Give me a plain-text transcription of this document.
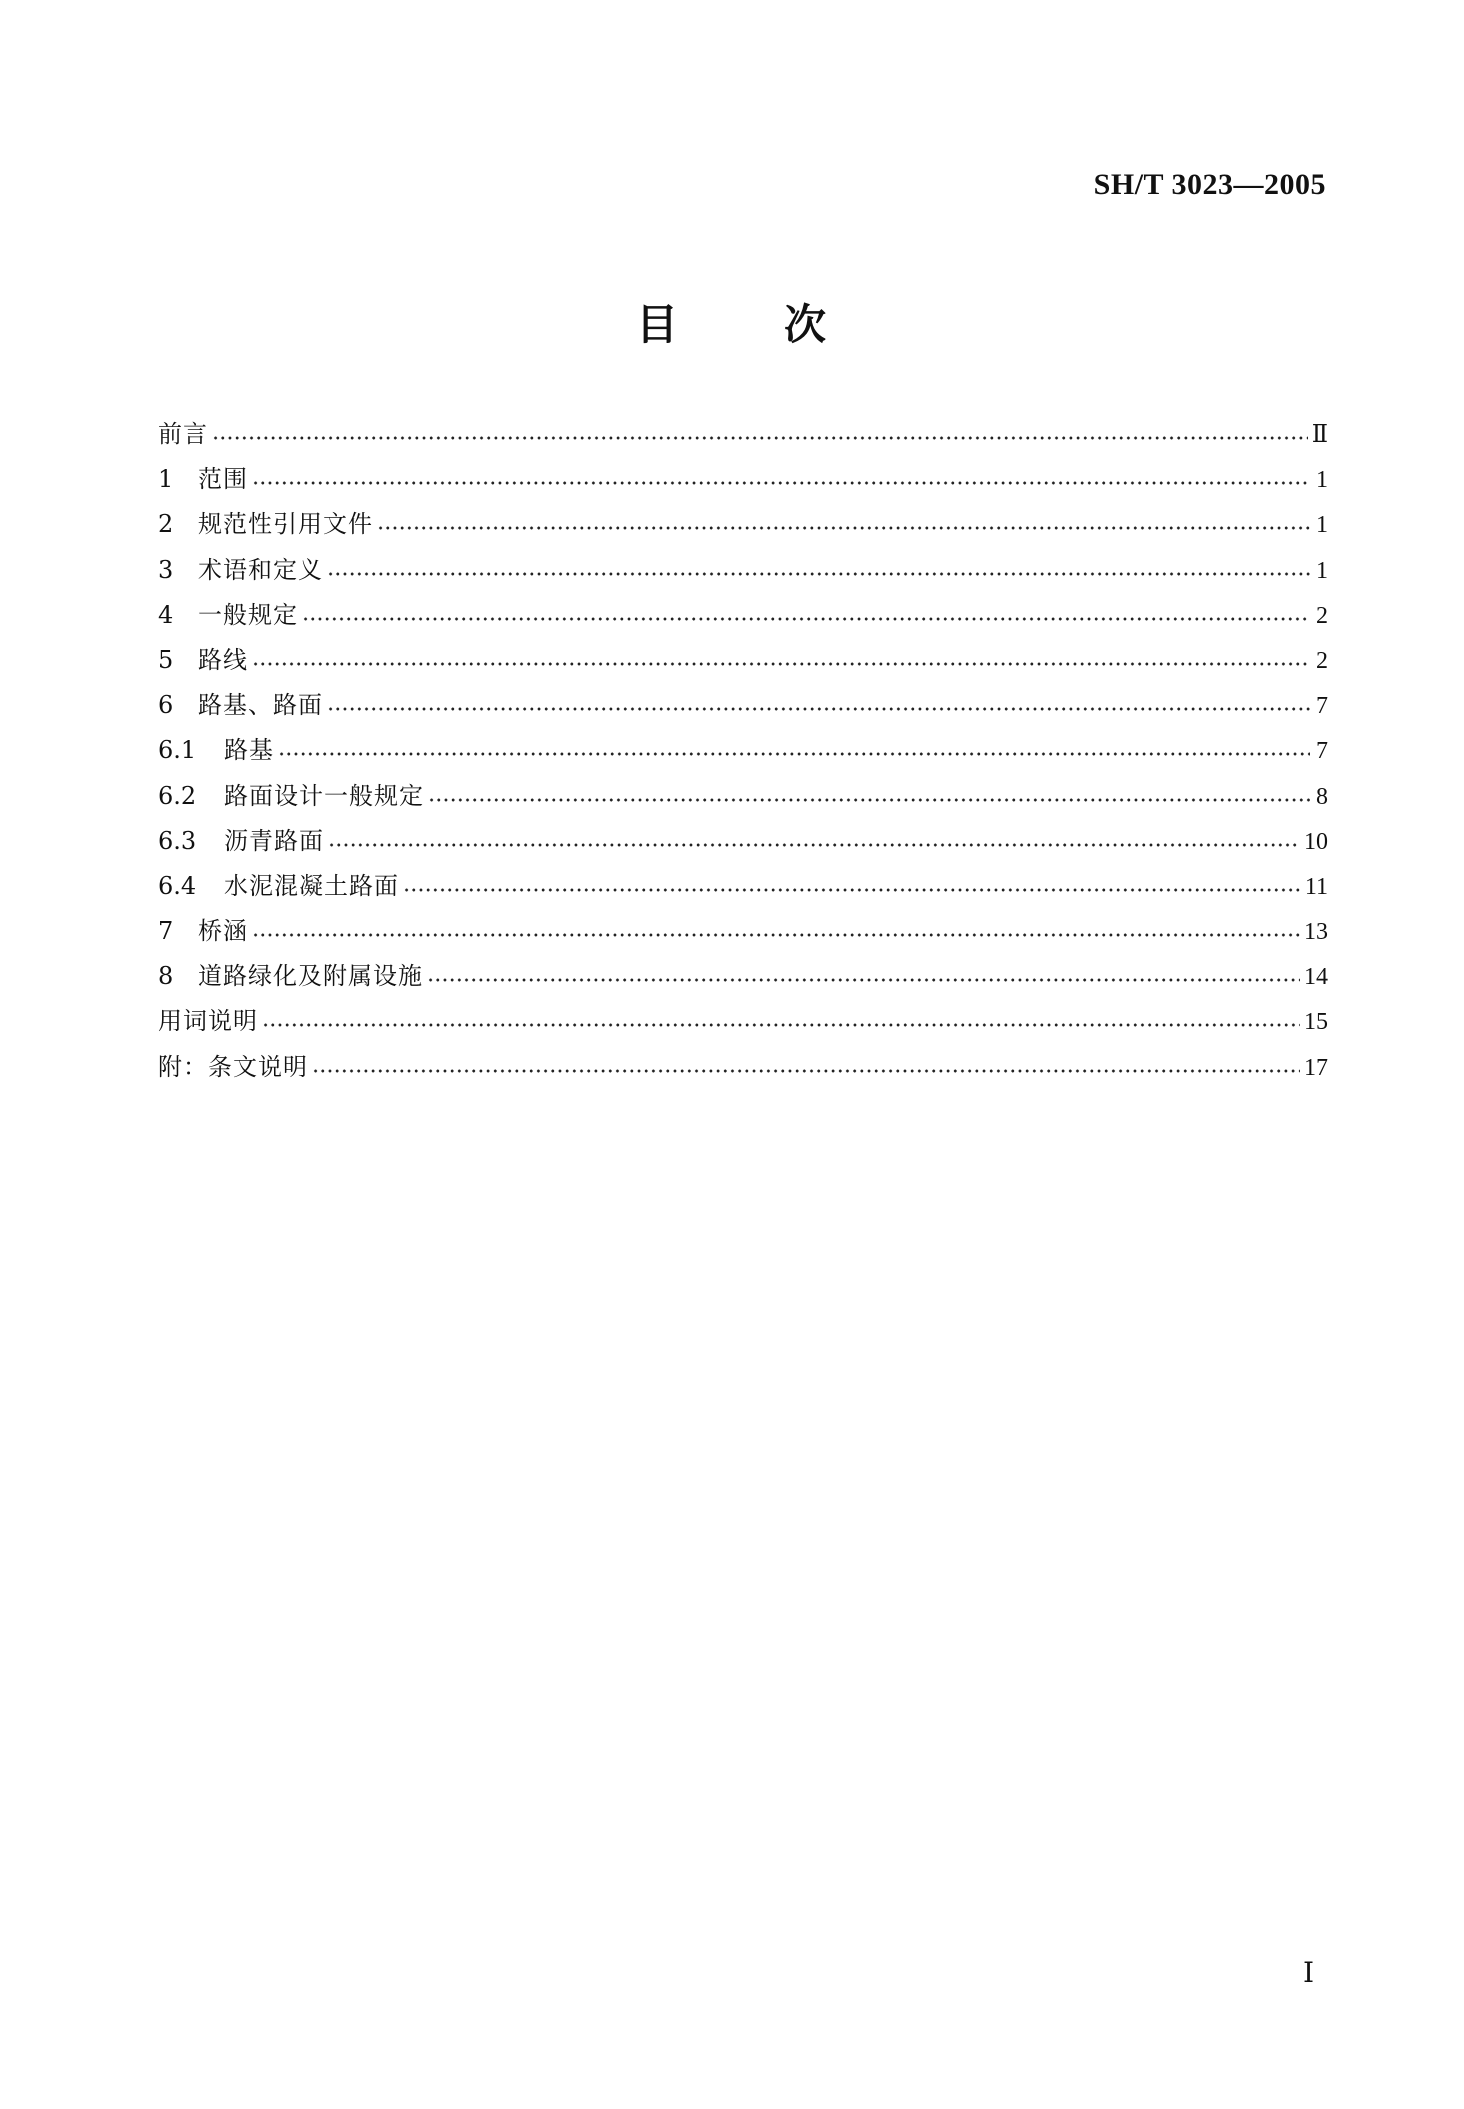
SH/T 3023—2005
目 次
前言	Ⅱ
1	范围	1
2	规范性引用文件	1
3	术语和定义	1
4	一般规定	2
5	路线	2
6	路基、路面	7
6.1	路基	7
6.2	路面设计一般规定	8
6.3	沥青路面	10
6.4	水泥混凝土路面	11
7	桥涵	13
8	道路绿化及附属设施	14
用词说明	15
附：条文说明	17
Ⅰ
